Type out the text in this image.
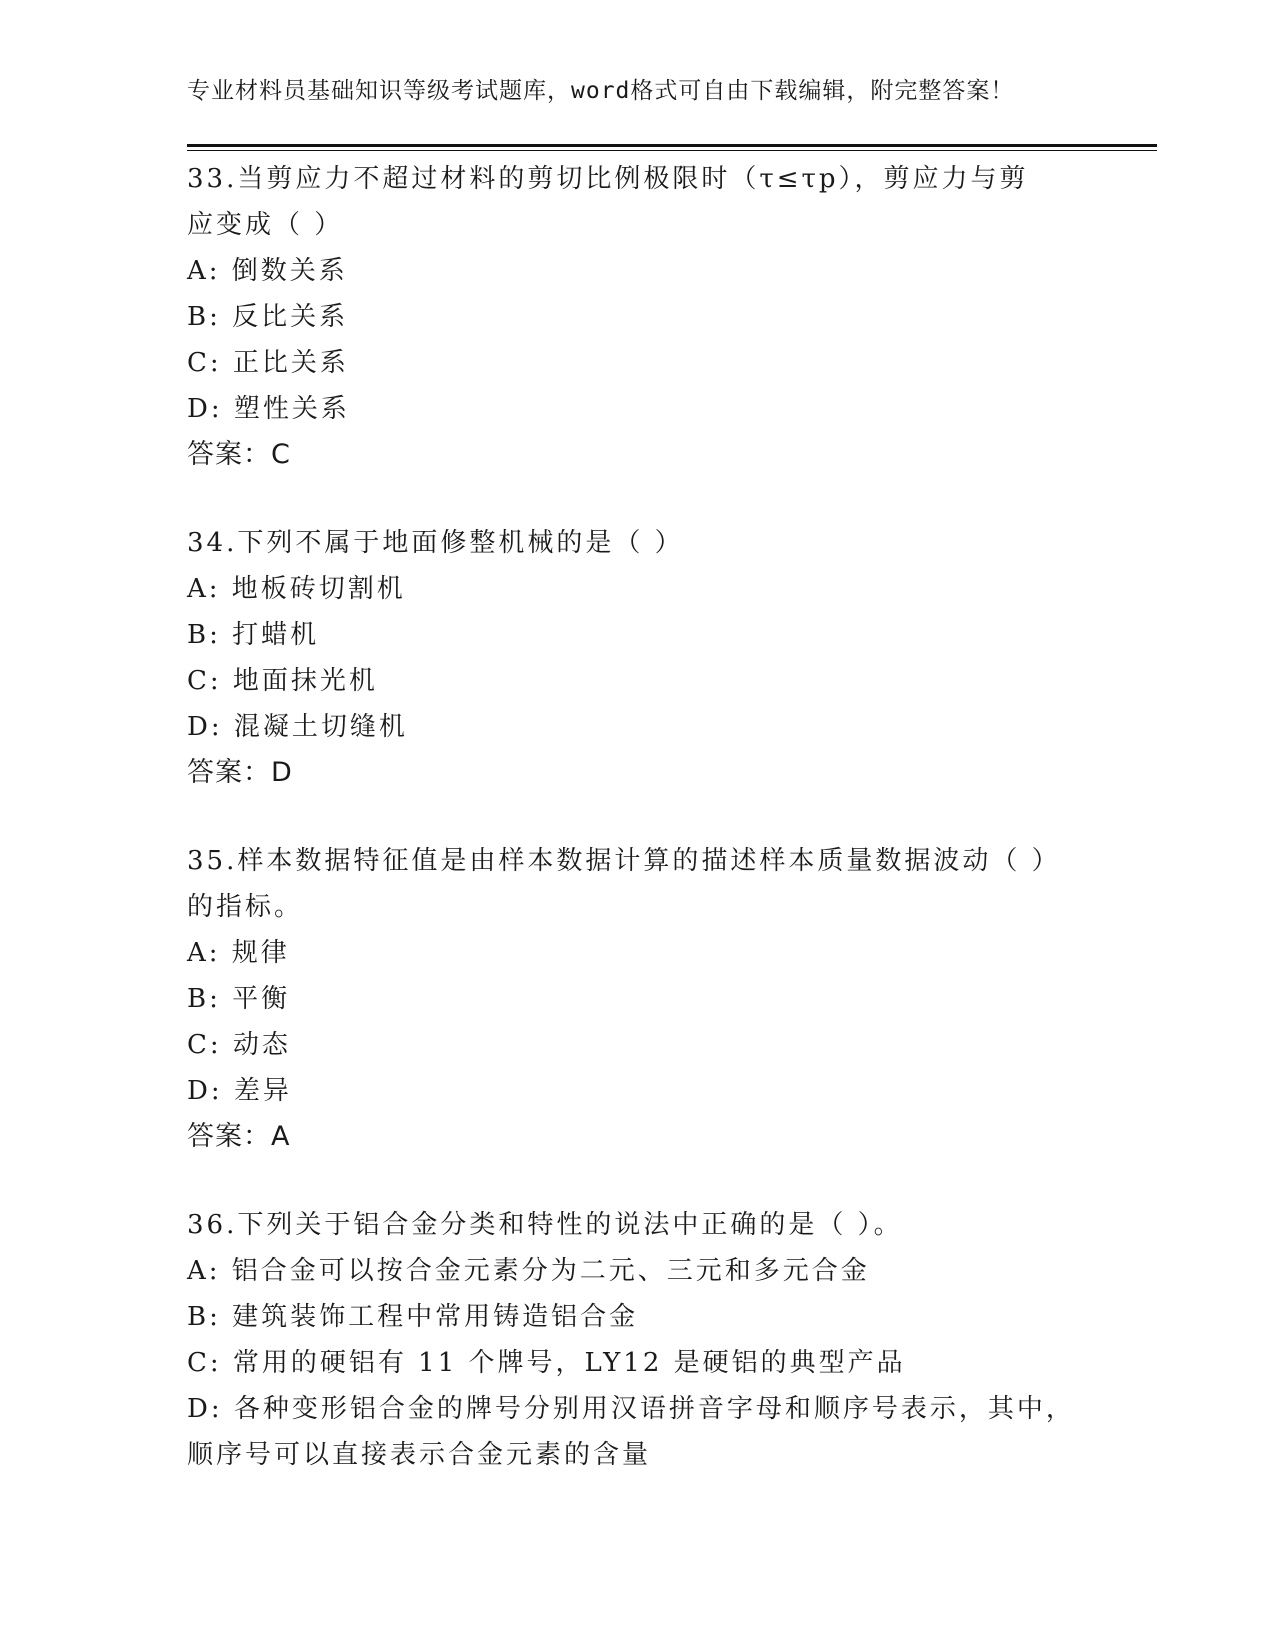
专业材料员基础知识等级考试题库，word格式可自由下载编辑，附完整答案！
33.当剪应力不超过材料的剪切比例极限时（τ≤τp），剪应力与剪
应变成（ ）
A: 倒数关系
B: 反比关系
C: 正比关系
D: 塑性关系
答案：C
34.下列不属于地面修整机械的是（ ）
A: 地板砖切割机
B: 打蜡机
C: 地面抹光机
D: 混凝土切缝机
答案：D
35.样本数据特征值是由样本数据计算的描述样本质量数据波动（ ）
的指标。
A: 规律
B: 平衡
C: 动态
D: 差异
答案：A
36.下列关于铝合金分类和特性的说法中正确的是（ ）。
A: 铝合金可以按合金元素分为二元、三元和多元合金
B: 建筑装饰工程中常用铸造铝合金
C: 常用的硬铝有 11 个牌号，LY12 是硬铝的典型产品
D: 各种变形铝合金的牌号分别用汉语拼音字母和顺序号表示，其中，
顺序号可以直接表示合金元素的含量
